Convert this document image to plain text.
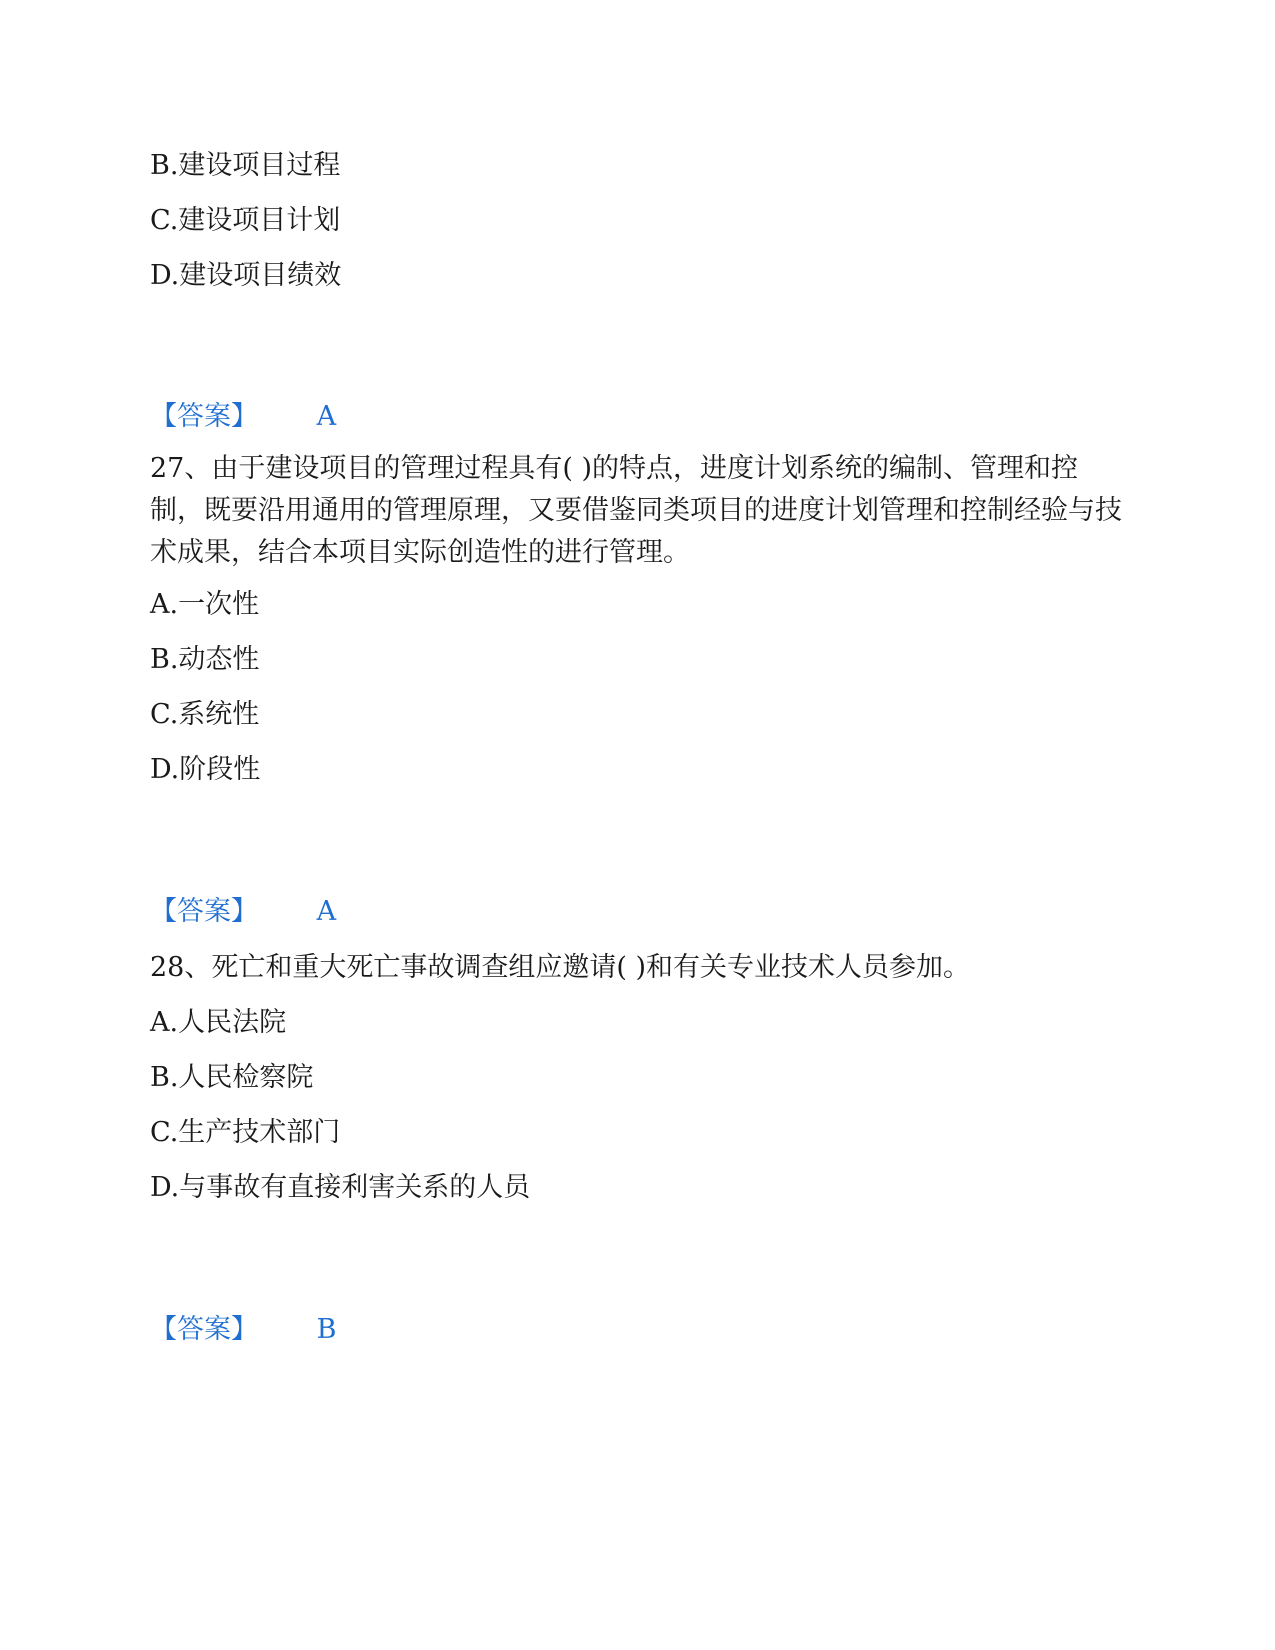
B.建设项目过程
C.建设项目计划
D.建设项目绩效
【答案】 A
27、由于建设项目的管理过程具有( )的特点，进度计划系统的编制、管理和控制，既要沿用通用的管理原理，又要借鉴同类项目的进度计划管理和控制经验与技术成果，结合本项目实际创造性的进行管理。
A.一次性
B.动态性
C.系统性
D.阶段性
【答案】 A
28、死亡和重大死亡事故调查组应邀请( )和有关专业技术人员参加。
A.人民法院
B.人民检察院
C.生产技术部门
D.与事故有直接利害关系的人员
【答案】 B
